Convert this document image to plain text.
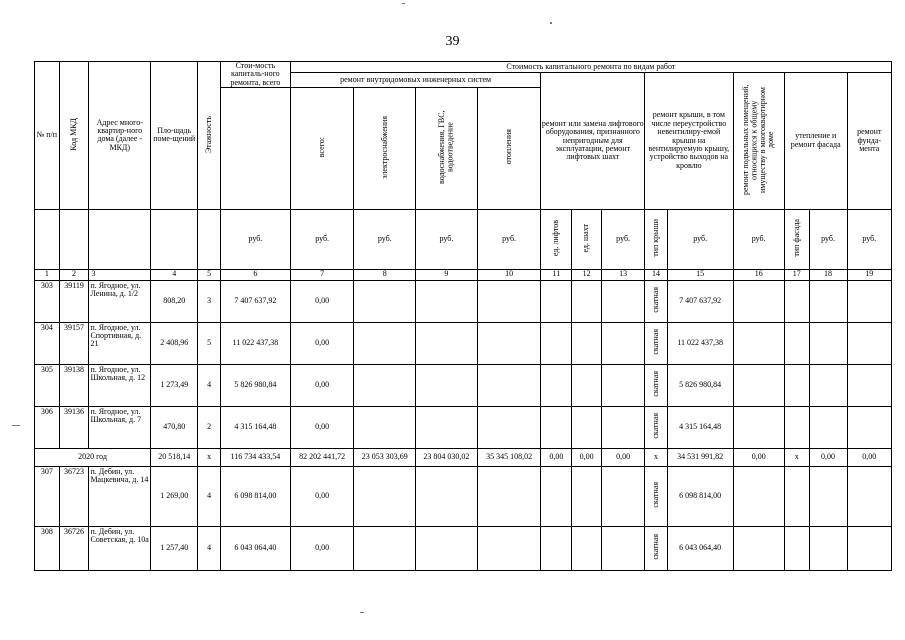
39
№ п/п	Код МКД	Адрес много-квартир-ного дома (далее - МКД)	Пло-щадь поме-щений	Этажность	Стои-мость капиталь-ного ремонта, всего	Стоимость капитального ремонта по видам работ												
						ремонт внутридомовых инженерных систем				ремонт или замена лифтового оборудования, признанного непригодным для эксплуатации, ремонт лифтовых шахт			ремонт крыши, в том числе переустройство невентилиру-емой крыши на вентилируемую крышу, устройство выходов на кровлю		ремонт подвальных помещений, относящихся к общему имуществу в многоквартирном доме	утепление и ремонт фасада		ремонт фунда-мента
						всего:	электроснабжения	водоснабжения, ГВС, водоотведение	отопления									
					руб.	руб.	руб.	руб.	руб.	ед. лифтов	ед. шахт	руб.	тип крыши	руб.	руб.	тип фасада	руб.	руб.
1	2	3	4	5	6	7	8	9	10	11	12	13	14	15	16	17	18	19
303	39119	п. Ягодное, ул. Ленина, д. 1/2	808,20	3	7 407 637,92	0,00							скатная	7 407 637,92				
304	39157	п. Ягодное, ул. Спортивная, д. 21	2 408,96	5	11 022 437,38	0,00							скатная	11 022 437,38				
305	39138	п. Ягодное, ул. Школьная, д. 12	1 273,49	4	5 826 980,84	0,00							скатная	5 826 980,84				
306	39136	п. Ягодное, ул. Школьная, д. 7	470,80	2	4 315 164,48	0,00							скатная	4 315 164,48				
2020 год			20 518,14	x	116 734 433,54	82 202 441,72	23 053 303,69	23 804 030,02	35 345 108,02	0,00	0,00	0,00	x	34 531 991,82	0,00	x	0,00	0,00
307	36723	п. Дебин, ул. Мацкевича, д. 14	1 269,00	4	6 098 814,00	0,00							скатная	6 098 814,00				
308	36726	п. Дебин, ул. Советская, д. 10а	1 257,40	4	6 043 064,40	0,00							скатная	6 043 064,40				
